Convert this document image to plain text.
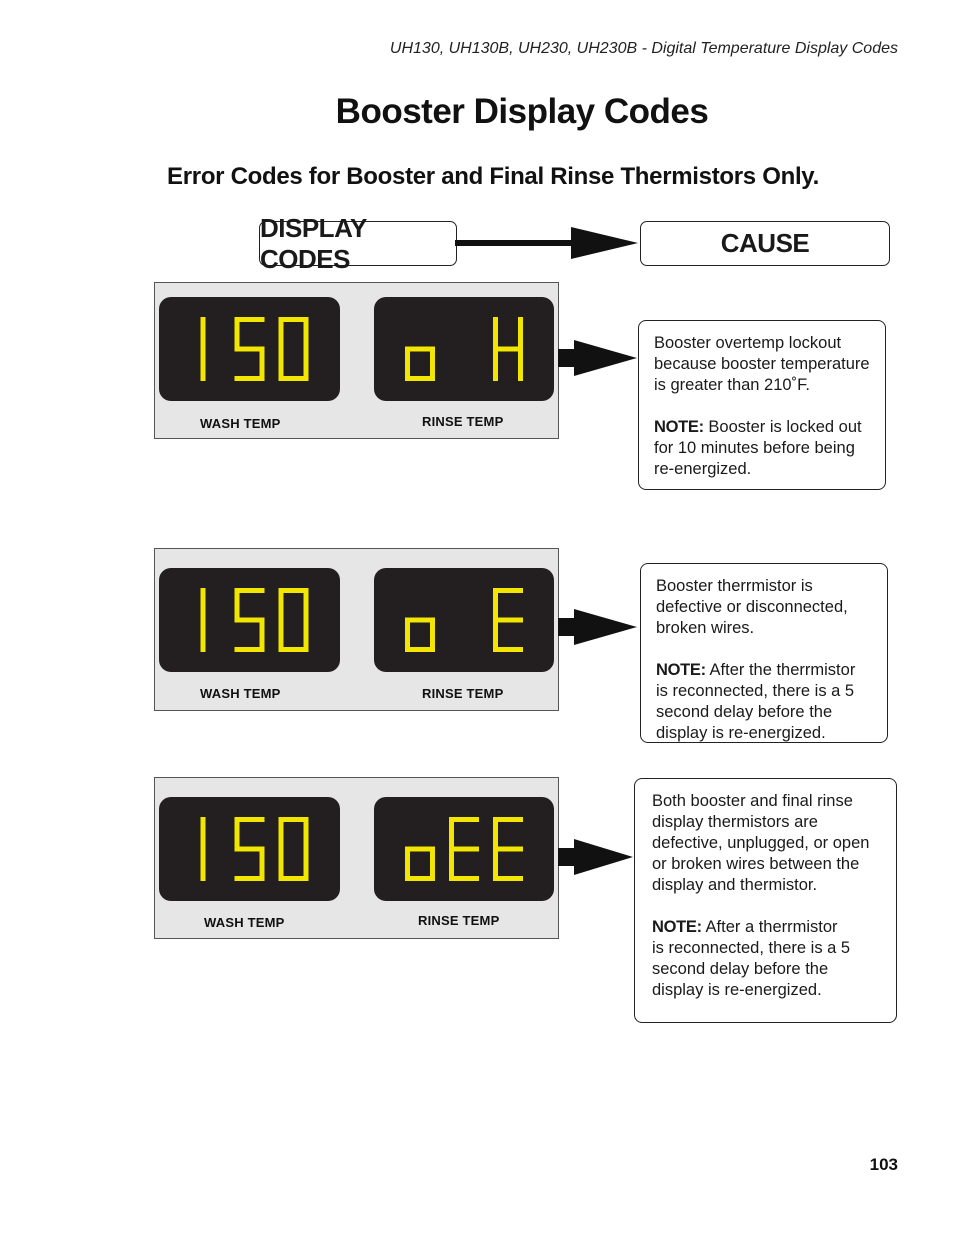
UH130, UH130B, UH230, UH230B - Digital Temperature Display Codes
Booster Display Codes
Error Codes for Booster and Final Rinse Thermistors Only.
DISPLAY CODES
CAUSE
WASH TEMP	RINSE TEMP

Booster overtemp lockout
because booster temperature
is greater than 210˚F.

NOTE: Booster is locked out
for 10 minutes before being
re-energized.

WASH TEMP	RINSE TEMP

Booster therrmistor is
defective or disconnected,
broken wires.

NOTE: After the therrmistor
is reconnected, there is a 5
second delay before the
display is re-energized.

WASH TEMP	RINSE TEMP

Both booster and final rinse
display thermistors are
defective, unplugged, or open
or broken wires between the
display and thermistor.

NOTE: After a therrmistor
is reconnected, there is a 5
second delay before the
display is re-energized.

103
